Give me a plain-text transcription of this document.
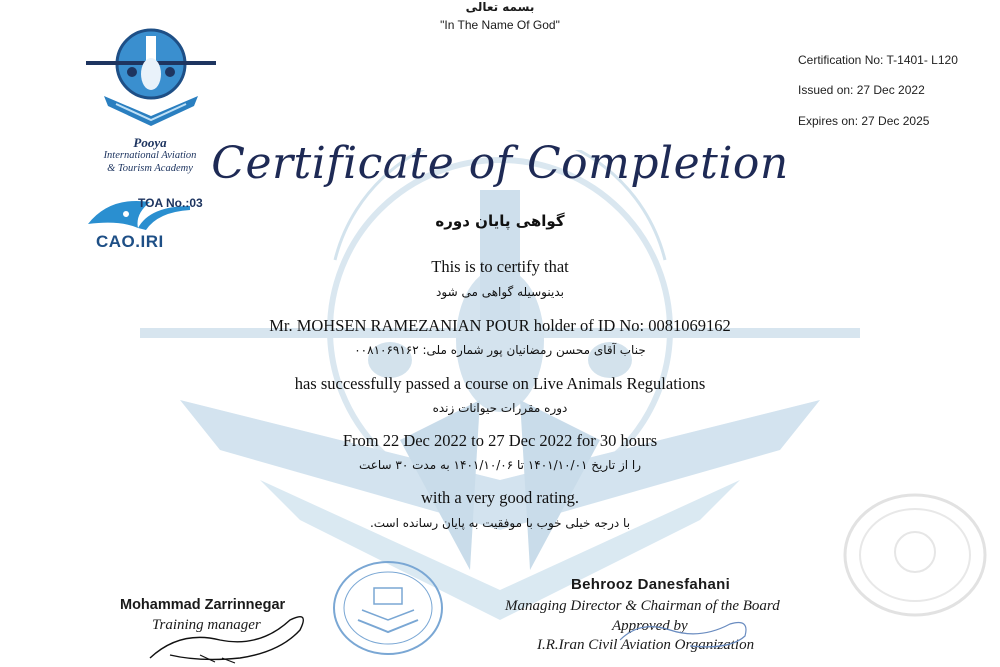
بسمه تعالی
"In The Name Of God"
Certification No: T-1401- L120
Issued on: 27 Dec 2022
Expires on: 27 Dec 2025
Pooya
International Aviation
& Tourism Academy
TOA No.:03
CAO.IRI
Certificate of Completion
گواهی پایان دوره
This is to certify that
بدینوسیله گواهی می شود
Mr. MOHSEN RAMEZANIAN POUR holder of ID No: 0081069162
جناب آقای محسن رمضانیان پور شماره ملی: ۰۰۸۱۰۶۹۱۶۲
has successfully passed a course on Live Animals Regulations
دوره مقررات حیوانات زنده
From 22 Dec 2022 to 27 Dec 2022 for 30 hours
را از تاریخ ۱۴۰۱/۱۰/۰۱ تا ۱۴۰۱/۱۰/۰۶ به مدت ۳۰ ساعت
with a very good rating.
با درجه خیلی خوب با موفقیت به پایان رسانده است.
Mohammad Zarrinnegar
Training manager
Behrooz Danesfahani
Managing Director & Chairman of the Board
Approved by
I.R.Iran Civil Aviation Organization
